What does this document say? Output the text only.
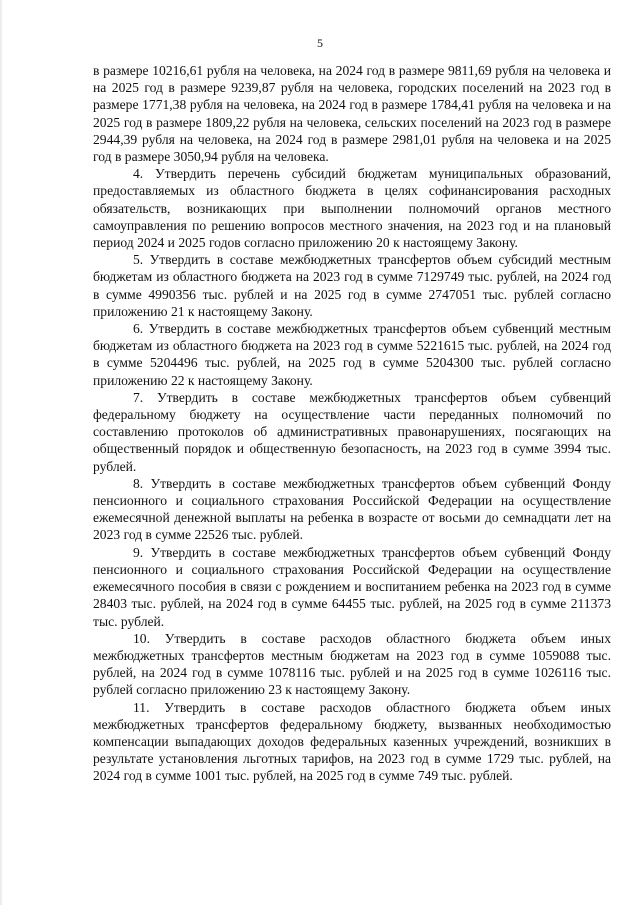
5

в размере 10216,61 рубля на человека, на 2024 год в размере 9811,69 рубля на человека и на 2025 год в размере 9239,87 рубля на человека, городских поселений на 2023 год в размере 1771,38 рубля на человека, на 2024 год в размере 1784,41 рубля на человека и на 2025 год в размере 1809,22 рубля на человека, сельских поселений на 2023 год в размере 2944,39 рубля на человека, на 2024 год в размере 2981,01 рубля на человека и на 2025 год в размере 3050,94 рубля на человека.

4. Утвердить перечень субсидий бюджетам муниципальных образований, предоставляемых из областного бюджета в целях софинансирования расходных обязательств, возникающих при выполнении полномочий органов местного самоуправления по решению вопросов местного значения, на 2023 год и на плановый период 2024 и 2025 годов согласно приложению 20 к настоящему Закону.

5. Утвердить в составе межбюджетных трансфертов объем субсидий местным бюджетам из областного бюджета на 2023 год в сумме 7129749 тыс. рублей, на 2024 год в сумме 4990356 тыс. рублей и на 2025 год в сумме 2747051 тыс. рублей согласно приложению 21 к настоящему Закону.

6. Утвердить в составе межбюджетных трансфертов объем субвенций местным бюджетам из областного бюджета на 2023 год в сумме 5221615 тыс. рублей, на 2024 год в сумме 5204496 тыс. рублей, на 2025 год в сумме 5204300 тыс. рублей согласно приложению 22 к настоящему Закону.

7. Утвердить в составе межбюджетных трансфертов объем субвенций федеральному бюджету на осуществление части переданных полномочий по составлению протоколов об административных правонарушениях, посягающих на общественный порядок и общественную безопасность, на 2023 год в сумме 3994 тыс. рублей.

8. Утвердить в составе межбюджетных трансфертов объем субвенций Фонду пенсионного и социального страхования Российской Федерации на осуществление ежемесячной денежной выплаты на ребенка в возрасте от восьми до семнадцати лет на 2023 год в сумме 22526 тыс. рублей.

9. Утвердить в составе межбюджетных трансфертов объем субвенций Фонду пенсионного и социального страхования Российской Федерации на осуществление ежемесячного пособия в связи с рождением и воспитанием ребенка на 2023 год в сумме 28403 тыс. рублей, на 2024 год в сумме 64455 тыс. рублей, на 2025 год в сумме 211373 тыс. рублей.

10. Утвердить в составе расходов областного бюджета объем иных межбюджетных трансфертов местным бюджетам на 2023 год в сумме 1059088 тыс. рублей, на 2024 год в сумме 1078116 тыс. рублей и на 2025 год в сумме 1026116 тыс. рублей согласно приложению 23 к настоящему Закону.

11. Утвердить в составе расходов областного бюджета объем иных межбюджетных трансфертов федеральному бюджету, вызванных необходимостью компенсации выпадающих доходов федеральных казенных учреждений, возникших в результате установления льготных тарифов, на 2023 год в сумме 1729 тыс. рублей, на 2024 год в сумме 1001 тыс. рублей, на 2025 год в сумме 749 тыс. рублей.
